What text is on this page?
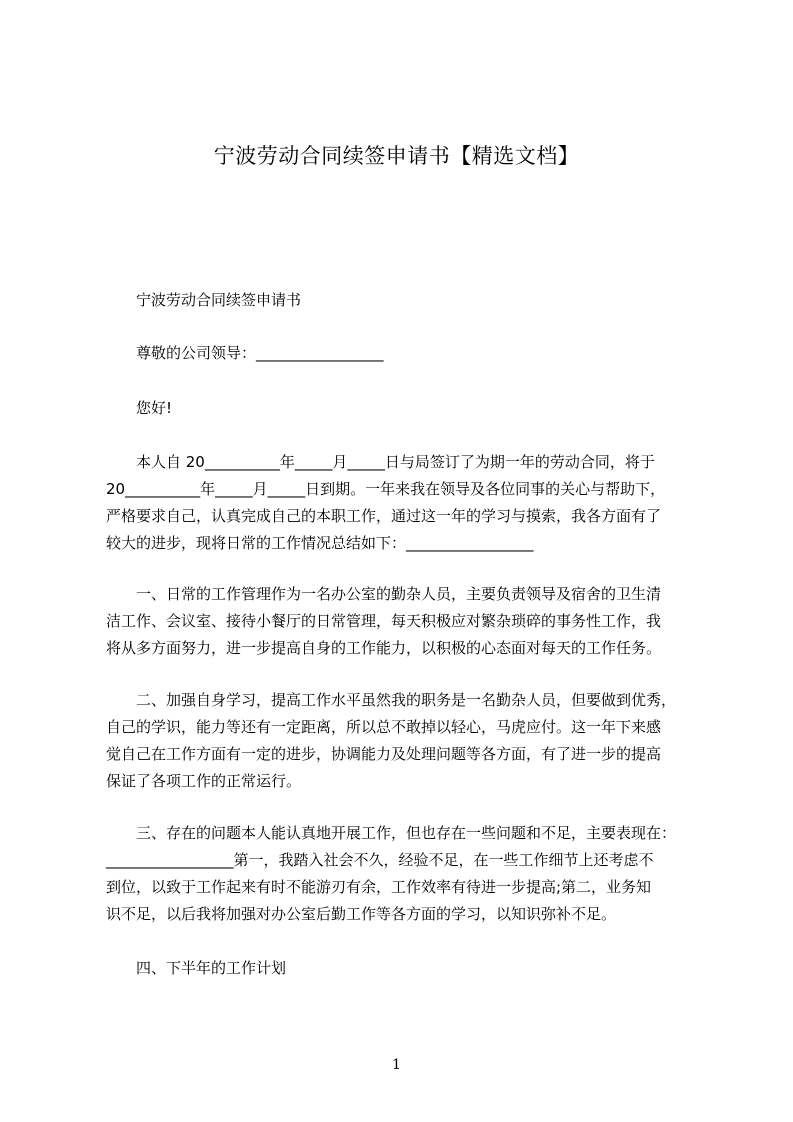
宁波劳动合同续签申请书【精选文档】
宁波劳动合同续签申请书
尊敬的公司领导：_________________
您好!
本人自 20__________年_____月_____日与局签订了为期一年的劳动合同，将于
20__________年_____月_____日到期。一年来我在领导及各位同事的关心与帮助下，
严格要求自己，认真完成自己的本职工作，通过这一年的学习与摸索，我各方面有了
较大的进步，现将日常的工作情况总结如下：_________________
一、日常的工作管理作为一名办公室的勤杂人员，主要负责领导及宿舍的卫生清
洁工作、会议室、接待小餐厅的日常管理，每天积极应对繁杂琐碎的事务性工作，我
将从多方面努力，进一步提高自身的工作能力，以积极的心态面对每天的工作任务。
二、加强自身学习，提高工作水平虽然我的职务是一名勤杂人员，但要做到优秀，
自己的学识，能力等还有一定距离，所以总不敢掉以轻心，马虎应付。这一年下来感
觉自己在工作方面有一定的进步，协调能力及处理问题等各方面，有了进一步的提高
保证了各项工作的正常运行。
三、存在的问题本人能认真地开展工作，但也存在一些问题和不足，主要表现在：
_________________第一，我踏入社会不久，经验不足，在一些工作细节上还考虑不
到位，以致于工作起来有时不能游刃有余，工作效率有待进一步提高;第二，业务知
识不足，以后我将加强对办公室后勤工作等各方面的学习，以知识弥补不足。
四、下半年的工作计划
1
